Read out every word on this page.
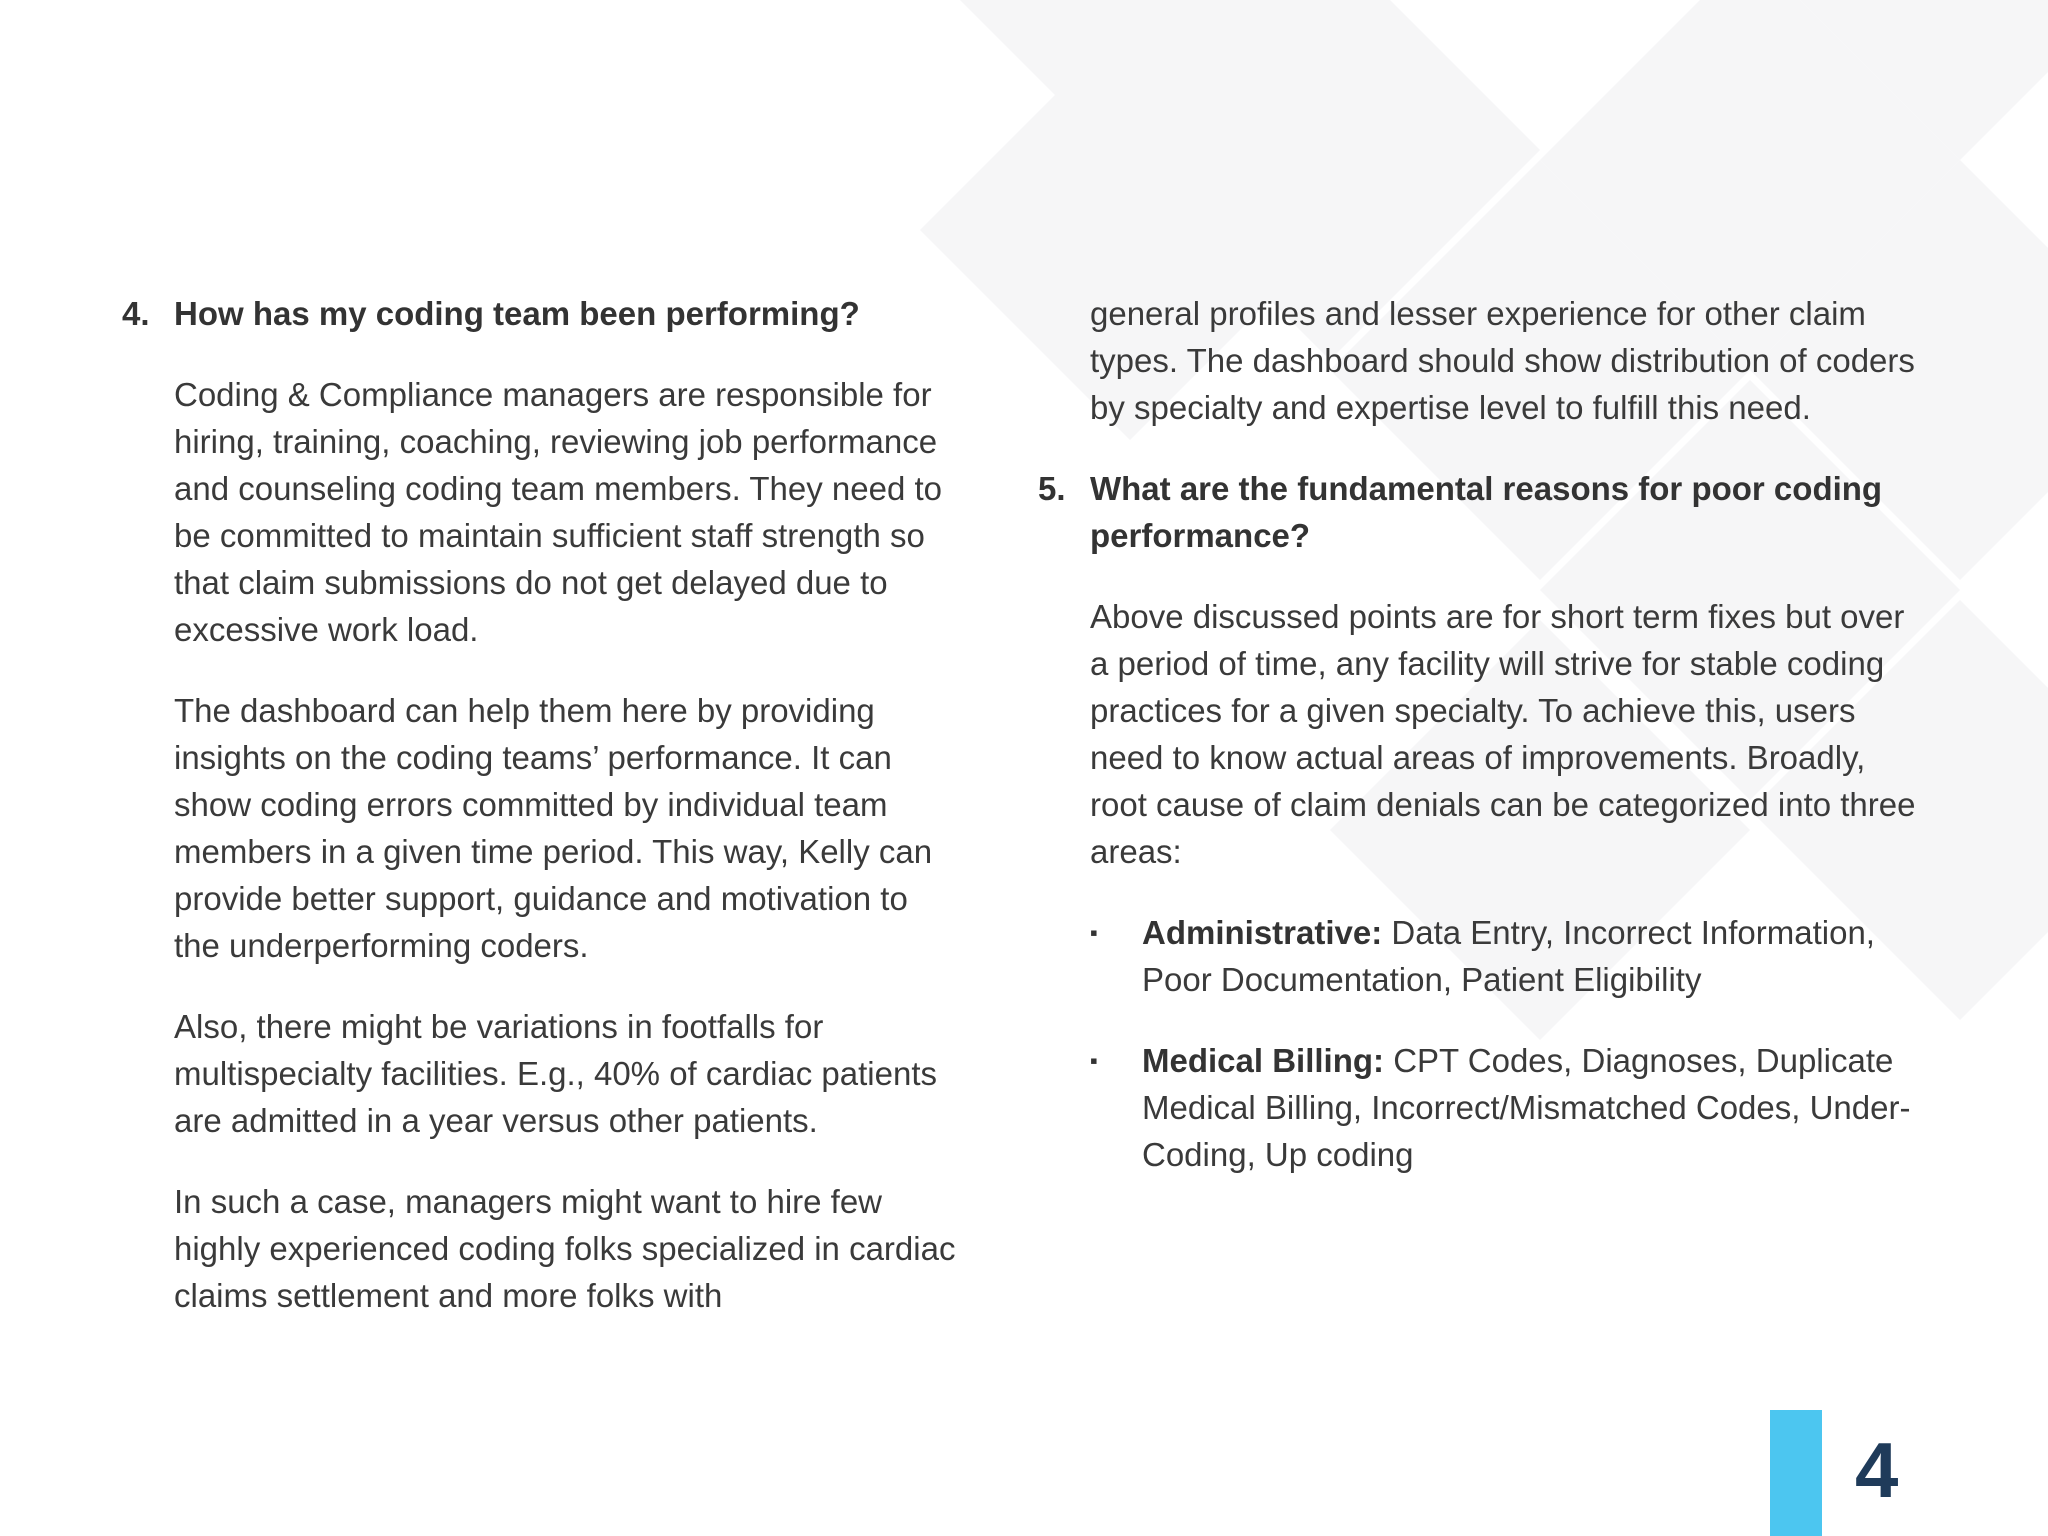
4. How has my coding team been performing?

Coding & Compliance managers are responsible for hiring, training, coaching, reviewing job performance and counseling coding team members. They need to be committed to maintain sufficient staff strength so that claim submissions do not get delayed due to excessive work load.

The dashboard can help them here by providing insights on the coding teams’ performance. It can show coding errors committed by individual team members in a given time period. This way, Kelly can provide better support, guidance and motivation to the underperforming coders.

Also, there might be variations in footfalls for multispecialty facilities. E.g., 40% of cardiac patients are admitted in a year versus other patients.

In such a case, managers might want to hire few highly experienced coding folks specialized in cardiac claims settlement and more folks with

general profiles and lesser experience for other claim types. The dashboard should show distribution of coders by specialty and expertise level to fulfill this need.

5. What are the fundamental reasons for poor coding performance?

Above discussed points are for short term fixes but over a period of time, any facility will strive for stable coding practices for a given specialty. To achieve this, users need to know actual areas of improvements. Broadly, root cause of claim denials can be categorized into three areas:

▪	Administrative: Data Entry, Incorrect Information, Poor Documentation, Patient Eligibility
▪	Medical Billing: CPT Codes, Diagnoses, Duplicate Medical Billing, Incorrect/Mismatched Codes, Under-Coding, Up coding
4
